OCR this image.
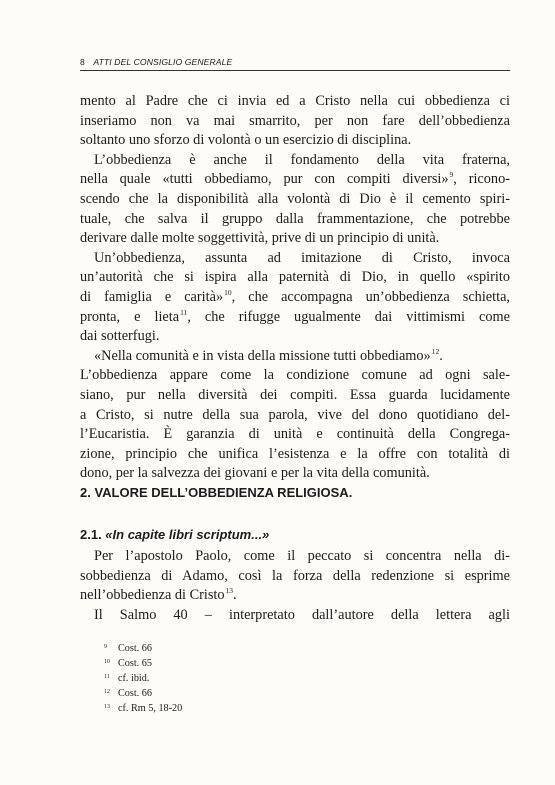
8 ATTI DEL CONSIGLIO GENERALE
mento al Padre che ci invia ed a Cristo nella cui obbedienza ci
inseriamo non va mai smarrito, per non fare dell’obbedienza
soltanto uno sforzo di volontà o un esercizio di disciplina.
L’obbedienza è anche il fondamento della vita fraterna,
nella quale «tutti obbediamo, pur con compiti diversi»$^9$, ricono-
scendo che la disponibilità alla volontà di Dio è il cemento spiri-
tuale, che salva il gruppo dalla frammentazione, che potrebbe
derivare dalle molte soggettività, prive di un principio di unità.
Un’obbedienza, assunta ad imitazione di Cristo, invoca
un’autorità che si ispira alla paternità di Dio, in quello «spirito
di famiglia e carità»$^{10}$, che accompagna un’obbedienza schietta,
pronta, e lieta$^{11}$, che rifugge ugualmente dai vittimismi come
dai sotterfugi.
«Nella comunità e in vista della missione tutti obbediamo»$^{12}$.
L’obbedienza appare come la condizione comune ad ogni sale-
siano, pur nella diversità dei compiti. Essa guarda lucidamente
a Cristo, si nutre della sua parola, vive del dono quotidiano del-
l’Eucaristia. È garanzia di unità e continuità della Congrega-
zione, principio che unifica l’esistenza e la offre con totalità di
dono, per la salvezza dei giovani e per la vita della comunità.
2. VALORE DELL’OBBEDIENZA RELIGIOSA.
2.1. «In capite libri scriptum...»
Per l’apostolo Paolo, come il peccato si concentra nella di-
sobbedienza di Adamo, così la forza della redenzione si esprime
nell’obbedienza di Cristo$^{13}$.
Il Salmo 40 – interpretato dall’autore della lettera agli
9 Cost. 66
10 Cost. 65
11 cf. ibid.
12 Cost. 66
13 cf. Rm 5, 18-20
